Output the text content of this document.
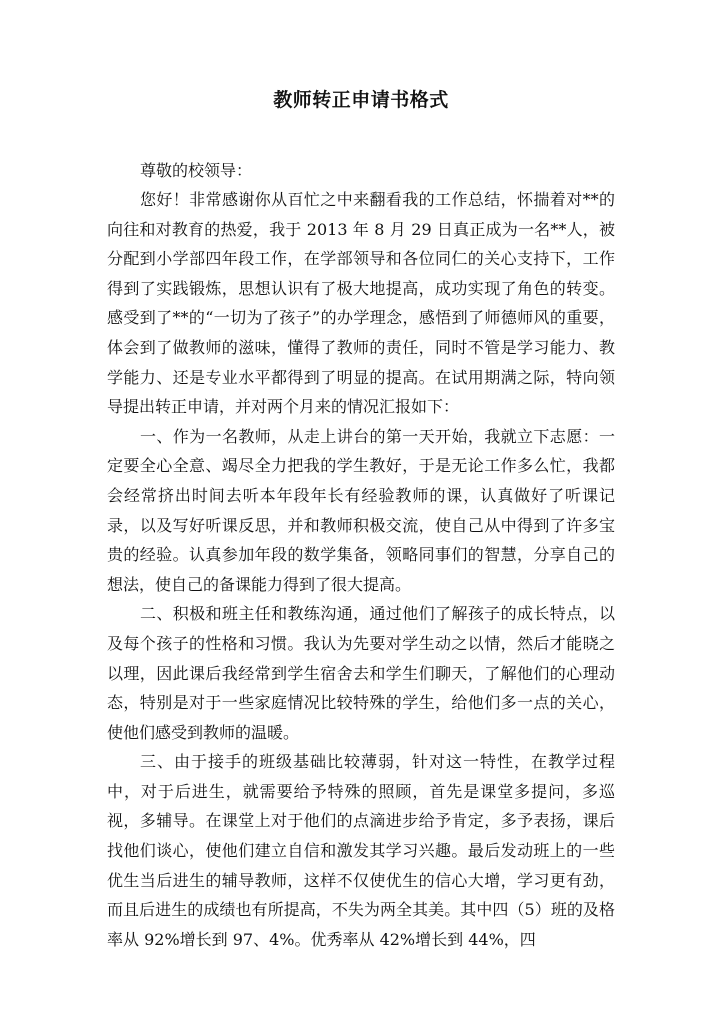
教师转正申请书格式

尊敬的校领导：

您好！非常感谢你从百忙之中来翻看我的工作总结，怀揣着对**的向往和对教育的热爱，我于 2013 年 8 月 29 日真正成为一名**人，被分配到小学部四年段工作，在学部领导和各位同仁的关心支持下，工作得到了实践锻炼，思想认识有了极大地提高，成功实现了角色的转变。感受到了**的“一切为了孩子”的办学理念，感悟到了师德师风的重要，体会到了做教师的滋味，懂得了教师的责任，同时不管是学习能力、教学能力、还是专业水平都得到了明显的提高。在试用期满之际，特向领导提出转正申请，并对两个月来的情况汇报如下：

一、作为一名教师，从走上讲台的第一天开始，我就立下志愿：一定要全心全意、竭尽全力把我的学生教好，于是无论工作多么忙，我都会经常挤出时间去听本年段年长有经验教师的课，认真做好了听课记录，以及写好听课反思，并和教师积极交流，使自己从中得到了许多宝贵的经验。认真参加年段的数学集备，领略同事们的智慧，分享自己的想法，使自己的备课能力得到了很大提高。

二、积极和班主任和教练沟通，通过他们了解孩子的成长特点，以及每个孩子的性格和习惯。我认为先要对学生动之以情，然后才能晓之以理，因此课后我经常到学生宿舍去和学生们聊天，了解他们的心理动态，特别是对于一些家庭情况比较特殊的学生，给他们多一点的关心，使他们感受到教师的温暖。

三、由于接手的班级基础比较薄弱，针对这一特性，在教学过程中，对于后进生，就需要给予特殊的照顾，首先是课堂多提问，多巡视，多辅导。在课堂上对于他们的点滴进步给予肯定，多予表扬，课后找他们谈心，使他们建立自信和激发其学习兴趣。最后发动班上的一些优生当后进生的辅导教师，这样不仅使优生的信心大增，学习更有劲，而且后进生的成绩也有所提高，不失为两全其美。其中四（5）班的及格率从 92%增长到 97、4%。优秀率从 42%增长到 44%，四
